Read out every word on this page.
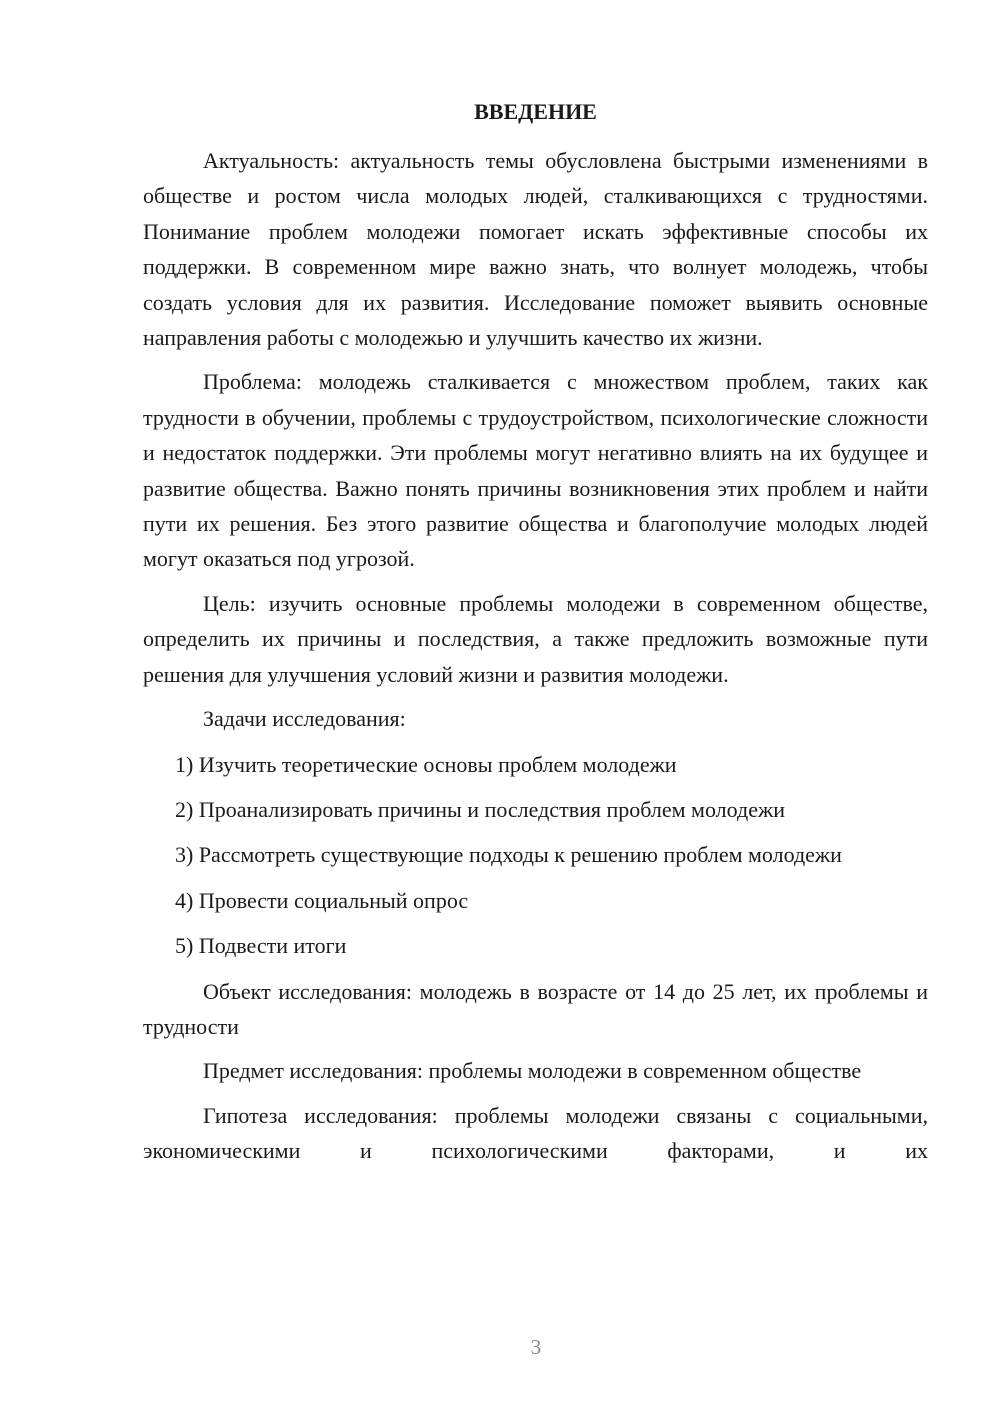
ВВЕДЕНИЕ

Актуальность: актуальность темы обусловлена быстрыми изменениями в обществе и ростом числа молодых людей, сталкивающихся с трудностями. Понимание проблем молодежи помогает искать эффективные способы их поддержки. В современном мире важно знать, что волнует молодежь, чтобы создать условия для их развития. Исследование поможет выявить основные направления работы с молодежью и улучшить качество их жизни.

Проблема: молодежь сталкивается с множеством проблем, таких как трудности в обучении, проблемы с трудоустройством, психологические сложности и недостаток поддержки. Эти проблемы могут негативно влиять на их будущее и развитие общества. Важно понять причины возникновения этих проблем и найти пути их решения. Без этого развитие общества и благополучие молодых людей могут оказаться под угрозой.

Цель: изучить основные проблемы молодежи в современном обществе, определить их причины и последствия, а также предложить возможные пути решения для улучшения условий жизни и развития молодежи.

Задачи исследования:

1) Изучить теоретические основы проблем молодежи
2) Проанализировать причины и последствия проблем молодежи
3) Рассмотреть существующие подходы к решению проблем молодежи
4) Провести социальный опрос
5) Подвести итоги

Объект исследования: молодежь в возрасте от 14 до 25 лет, их проблемы и трудности

Предмет исследования: проблемы молодежи в современном обществе

Гипотеза исследования: проблемы молодежи связаны с социальными, экономическими и психологическими факторами, и их

3
